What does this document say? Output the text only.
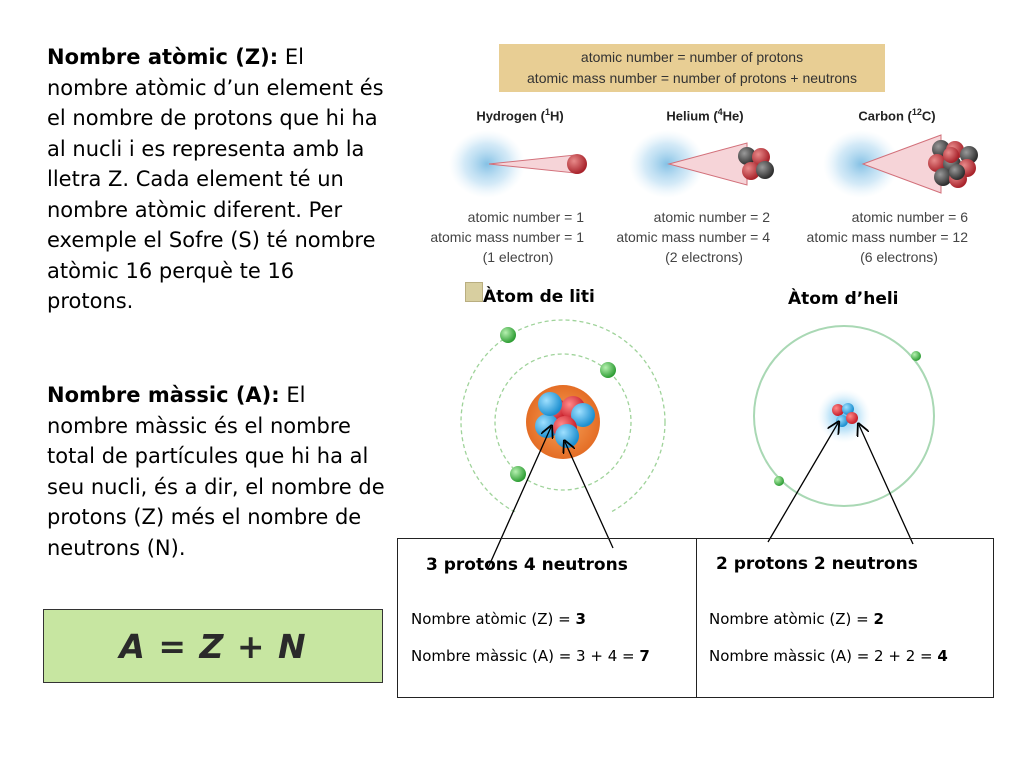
Nombre atòmic (Z): El nombre atòmic d’un element és el nombre de protons que hi ha al nucli i es representa amb la lletra Z. Cada element té un nombre atòmic diferent. Per exemple el Sofre (S) té nombre atòmic 16 perquè te 16 protons.
Nombre màssic (A): El nombre màssic és el nombre total de partícules que hi ha al seu nucli, és a dir, el nombre de protons (Z) més el nombre de neutrons (N).
A = Z + N
atomic number = number of protons
atomic mass number = number of protons + neutrons
Hydrogen ($^1$H)	Helium ($^4$He)	Carbon ($^{12}$C)
atomic number = 1
atomic mass number = 1
(1 electron)
atomic number = 2
atomic mass number = 4
(2 electrons)
atomic number = 6
atomic mass number = 12
(6 electrons)
Àtom de liti	Àtom d’heli
3 protons 4 neutrons
Nombre atòmic (Z) = 3
Nombre màssic (A) = 3 + 4 = 7
2 protons 2 neutrons
Nombre atòmic (Z) = 2
Nombre màssic (A) = 2 + 2 = 4
